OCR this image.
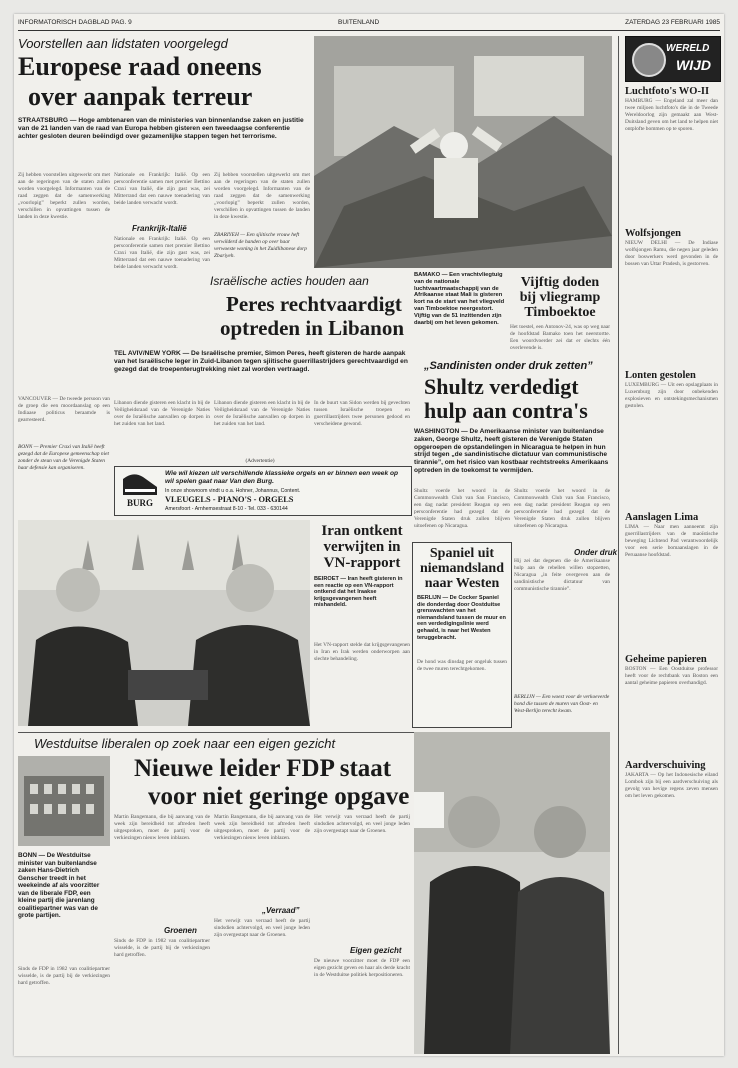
INFORMATORISCH DAGBLAD PAG. 9	BUITENLAND	ZATERDAG 23 FEBRUARI 1985
Voorstellen aan lidstaten voorgelegd
Europese raad oneens
over aanpak terreur
STRAATSBURG — Hoge ambtenaren van de ministeries van binnenlandse zaken en justitie van de 21 landen van de raad van Europa hebben gisteren een tweedaagse conferentie achter gesloten deuren beëindigd over gezamenlijke stappen tegen het terrorisme.
Zij hebben voorstellen uitgewerkt om met aan de regeringen van de staten zullen worden voorgelegd. Informanten van de raad zeggen dat de samenwerking „voorlopig” beperkt zullen worden, verschillen in opvattingen tussen de landen in deze kwestie.
Nationale en Frankrijk: Italië. Op een persconferentie samen met premier Bettino Craxi van Italië, die zijn gast was, zei Mitterrand dat een nauwe toenadering van beide landen verwacht wordt.
Frankrijk-Italië
Nationale en Frankrijk: Italië. Op een persconferentie samen met premier Bettino Craxi van Italië, die zijn gast was, zei Mitterrand dat een nauwe toenadering van beide landen verwacht wordt.
Zij hebben voorstellen uitgewerkt om met aan de regeringen van de staten zullen worden voorgelegd. Informanten van de raad zeggen dat de samenwerking „voorlopig” beperkt zullen worden, verschillen in opvattingen tussen de landen in deze kwestie.
ZBARIYEH — Een sjiitische vrouw heft verwilderd de handen op over haar verwoeste woning in het Zuidlibanese dorp Zbariyeh.
VANCOUVER — De tweede persoon van de groep die een moordaanslag op een Indiaase politicus beraamde is gearresteerd.
BONN — Premier Craxi van Italië heeft gezegd dat de Europese gemeenschap niet zonder de steun van de Verenigde Staten haar defensie kan organiseren.
Israëlische acties houden aan
Peres rechtvaardigt
optreden in Libanon
TEL AVIV/NEW YORK — De Israëlische premier, Simon Peres, heeft gisteren de harde aanpak van het Israëlische leger in Zuid-Libanon tegen sjiitische guerrillastrijders gerechtvaardigd en gezegd dat de troepenterugtrekking niet zal worden vertraagd.
Libanon diende gisteren een klacht in bij de Veiligheidsraad van de Verenigde Naties over de Israëlische aanvallen op dorpen in het zuiden van het land.
Libanon diende gisteren een klacht in bij de Veiligheidsraad van de Verenigde Naties over de Israëlische aanvallen op dorpen in het zuiden van het land.
In de buurt van Sidon werden bij gevechten tussen Israëlische troepen en guerrillastrijders twee personen gedood en verscheidene gewond.
BAMAKO — Een vrachtvliegtuig van de nationale luchtvaartmaatschappij van de Afrikaanse staat Mali is gisteren kort na de start van het vliegveld van Timboektoe neergestort. Vijftig van de 51 inzittenden zijn daarbij om het leven gekomen.
Vijftig doden
bij vliegramp
Timboektoe
Het toestel, een Antonov-24, was op weg naar de hoofdstad Bamako toen het neerstortte. Een woordvoerder zei dat er slechts één overlevende is.
(Advertentie)
BURG
Wie wil kiezen uit verschillende klassieke orgels en er binnen een week op wil spelen gaat naar Van den Burg.
In onze showroom vindt u o.a. Hohner, Johannus, Content.
VLEUGELS - PIANO'S - ORGELS
Amersfoort - Arnhemsestraat 8-10 - Tel. 033 - 630144
„Sandinisten onder druk zetten”
Shultz verdedigt
hulp aan contra's
WASHINGTON — De Amerikaanse minister van buitenlandse zaken, George Shultz, heeft gisteren de Verenigde Staten opgeroepen de opstandelingen in Nicaragua te helpen in hun strijd tegen „de sandinistische dictatuur van communistische tirannie”, om het risico van kostbaar rechtstreeks Amerikaans optreden in de toekomst te vermijden.
Shultz voerde het woord in de Commonwealth Club van San Francisco, een dag nadat president Reagan op een persconferentie had gezegd dat de Verenigde Staten druk zullen blijven uitoefenen op Nicaragua.
Shultz voerde het woord in de Commonwealth Club van San Francisco, een dag nadat president Reagan op een persconferentie had gezegd dat de Verenigde Staten druk zullen blijven uitoefenen op Nicaragua.
Onder druk
Hij zei dat degenen die de Amerikaanse hulp aan de rebellen willen stopzetten, Nicaragua „in feite overgeven aan de sandinistische dictatuur van communistische tirannie”.
Spaniel uit
niemandsland
naar Westen
BERLIJN — De Cocker Spaniel die donderdag door Oostduitse grenswachten van het niemandsland tussen de muur en een verdedigingslinie werd gehaald, is naar het Westen teruggebracht.
De hond was dinsdag per ongeluk tussen de twee muren terechtgekomen.
BERLIJN — Een woest voor de verkoeverde hond die tussen de muren van Oost- en West-Berlijn terecht kwam.
Iran ontkent
verwijten in
VN-rapport
BEIROET — Iran heeft gisteren in een reactie op een VN-rapport ontkend dat het Iraakse krijgsgevangenen heeft mishandeld.
Het VN-rapport stelde dat krijgsgevangenen in Iran en Irak werden onderworpen aan slechte behandeling.
Westduitse liberalen op zoek naar een eigen gezicht
Nieuwe leider FDP staat
voor niet geringe opgave
BONN — De Westduitse minister van buitenlandse zaken Hans-Dietrich Genscher treedt in het weekeinde af als voorzitter van de liberale FDP, een kleine partij die jarenlang coalitiepartner was van de grote partijen.
Sinds de FDP in 1982 van coalitiepartner wisselde, is de partij bij de verkiezingen hard getroffen.
Martin Bangemann, die bij aanvang van de week zijn bereidheid tot aftreden heeft uitgesproken, moet de partij voor de verkiezingen nieuw leven inblazen.
Groenen
Sinds de FDP in 1982 van coalitiepartner wisselde, is de partij bij de verkiezingen hard getroffen.
Martin Bangemann, die bij aanvang van de week zijn bereidheid tot aftreden heeft uitgesproken, moet de partij voor de verkiezingen nieuw leven inblazen.
„Verraad”
Het verwijt van verraad heeft de partij sindsdien achtervolgd, en veel jonge leden zijn overgestapt naar de Groenen.
Het verwijt van verraad heeft de partij sindsdien achtervolgd, en veel jonge leden zijn overgestapt naar de Groenen.
Eigen gezicht
De nieuwe voorzitter moet de FDP een eigen gezicht geven en haar als derde kracht in de Westduitse politiek herpositioneren.
WERELD
WIJD
Luchtfoto's WO-II
HAMBURG — Engeland zal meer dan twee miljoen luchtfoto's die in de Tweede Wereldoorlog zijn gemaakt aan West-Duitsland geven om het land te helpen niet ontplofte bommen op te sporen.
Wolfsjongen
NIEUW DELHI — De Indiase wolfsjongen Ramu, die negen jaar geleden door boswerkers werd gevonden in de bossen van Uttar Pradesh, is gestorven.
Lonten gestolen
LUXEMBURG — Uit een opslagplaats in Luxemburg zijn door onbekenden explosieven en ontstekingsmechanismen gestolen.
Aanslagen Lima
LIMA — Naar men aanneemt zijn guerrillastrijders van de maoïstische beweging Lichtend Pad verantwoordelijk voor een serie bomaanslagen in de Peruaanse hoofdstad.
Geheime papieren
BOSTON — Een Oostduitse professor heeft voor de rechtbank van Boston een aantal geheime papieren overhandigd.
Aardverschuiving
JAKARTA — Op het Indonesische eiland Lombok zijn bij een aardverschuiving als gevolg van hevige regens zeven mensen om het leven gekomen.
